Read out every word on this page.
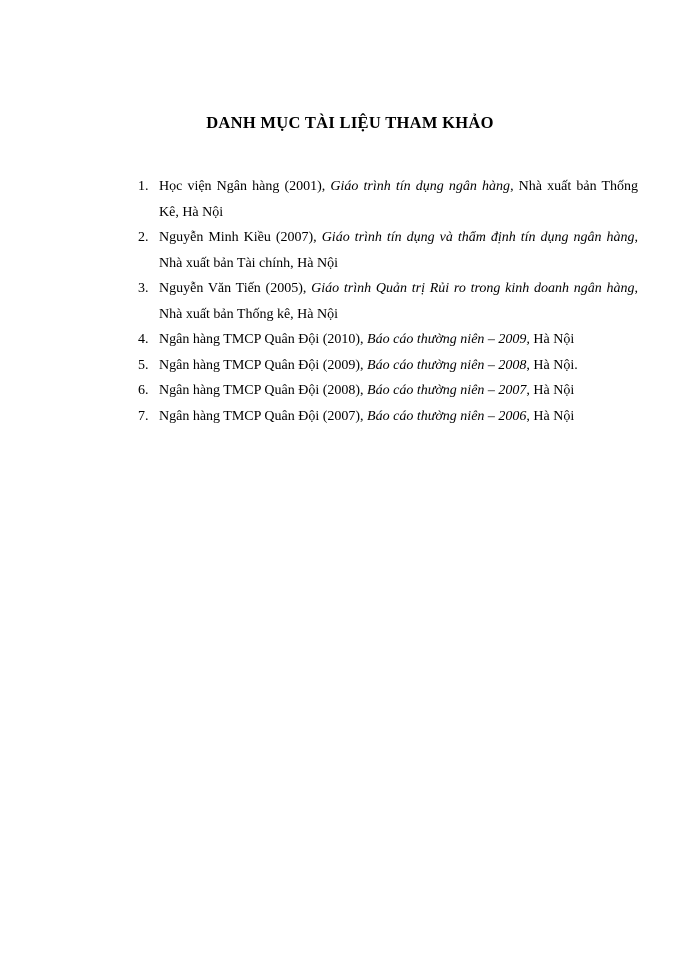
DANH MỤC TÀI LIỆU THAM KHẢO
1. Học viện Ngân hàng (2001), Giáo trình tín dụng ngân hàng, Nhà xuất bản Thống Kê, Hà Nội
2. Nguyễn Minh Kiều (2007), Giáo trình tín dụng và thẩm định tín dụng ngân hàng, Nhà xuất bản Tài chính, Hà Nội
3. Nguyễn Văn Tiến (2005), Giáo trình Quản trị Rủi ro trong kinh doanh ngân hàng, Nhà xuất bản Thống kê, Hà Nội
4. Ngân hàng TMCP Quân Đội (2010), Báo cáo thường niên – 2009, Hà Nội
5. Ngân hàng TMCP Quân Đội (2009), Báo cáo thường niên – 2008, Hà Nội.
6. Ngân hàng TMCP Quân Đội (2008), Báo cáo thường niên – 2007, Hà Nội
7. Ngân hàng TMCP Quân Đội (2007), Báo cáo thường niên – 2006, Hà Nội
